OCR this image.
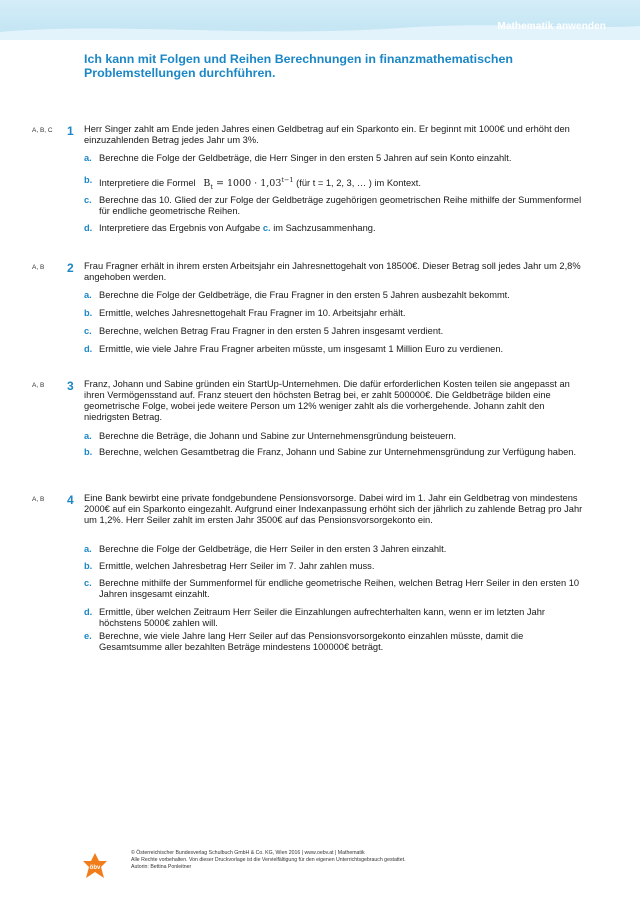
Mathematik anwenden
Ich kann mit Folgen und Reihen Berechnungen in finanzmathematischen Problemstellungen durchführen.
A, B, C	1 Herr Singer zahlt am Ende jeden Jahres einen Geldbetrag auf ein Sparkonto ein. Er beginnt mit 1000€ und erhöht den einzuzahlenden Betrag jedes Jahr um 3%.
a. Berechne die Folge der Geldbeträge, die Herr Singer in den ersten 5 Jahren auf sein Konto einzahlt.
b. Interpretiere die Formel $B_t = 1000 \cdot 1,03^{t-1}$ (für t = 1, 2, 3, … ) im Kontext.
c. Berechne das 10. Glied der zur Folge der Geldbeträge zugehörigen geometrischen Reihe mithilfe der Summenformel für endliche geometrische Reihen.
d. Interpretiere das Ergebnis von Aufgabe c. im Sachzusammenhang.
A, B	2 Frau Fragner erhält in ihrem ersten Arbeitsjahr ein Jahresnettogehalt von 18500€. Dieser Betrag soll jedes Jahr um 2,8% angehoben werden.
a. Berechne die Folge der Geldbeträge, die Frau Fragner in den ersten 5 Jahren ausbezahlt bekommt.
b. Ermittle, welches Jahresnettogehalt Frau Fragner im 10. Arbeitsjahr erhält.
c. Berechne, welchen Betrag Frau Fragner in den ersten 5 Jahren insgesamt verdient.
d. Ermittle, wie viele Jahre Frau Fragner arbeiten müsste, um insgesamt 1 Million Euro zu verdienen.
A, B	3 Franz, Johann und Sabine gründen ein StartUp-Unternehmen. Die dafür erforderlichen Kosten teilen sie angepasst an ihren Vermögensstand auf. Franz steuert den höchsten Betrag bei, er zahlt 500000€. Die Geldbeträge bilden eine geometrische Folge, wobei jede weitere Person um 12% weniger zahlt als die vorhergehende. Johann zahlt den niedrigsten Betrag.
a. Berechne die Beträge, die Johann und Sabine zur Unternehmensgründung beisteuern.
b. Berechne, welchen Gesamtbetrag die Franz, Johann und Sabine zur Unternehmensgründung zur Verfügung haben.
A, B	4 Eine Bank bewirbt eine private fondgebundene Pensionsvorsorge. Dabei wird im 1. Jahr ein Geldbetrag von mindestens 2000€ auf ein Sparkonto eingezahlt. Aufgrund einer Indexanpassung erhöht sich der jährlich zu zahlende Betrag pro Jahr um 1,2%. Herr Seiler zahlt im ersten Jahr 3500€ auf das Pensionsvorsorgekonto ein.
a. Berechne die Folge der Geldbeträge, die Herr Seiler in den ersten 3 Jahren einzahlt.
b. Ermittle, welchen Jahresbetrag Herr Seiler im 7. Jahr zahlen muss.
c. Berechne mithilfe der Summenformel für endliche geometrische Reihen, welchen Betrag Herr Seiler in den ersten 10 Jahren insgesamt einzahlt.
d. Ermittle, über welchen Zeitraum Herr Seiler die Einzahlungen aufrechterhalten kann, wenn er im letzten Jahr höchstens 5000€ zahlen will.
e. Berechne, wie viele Jahre lang Herr Seiler auf das Pensionsvorsorgekonto einzahlen müsste, damit die Gesamtsumme aller bezahlten Beträge mindestens 100000€ beträgt.
öbv
© Österreichischer Bundesverlag Schulbuch GmbH & Co. KG, Wien 2016 | www.oebv.at | Mathematik
Alle Rechte vorbehalten. Von dieser Druckvorlage ist die Vervielfältigung für den eigenen Unterrichtsgebrauch gestattet.
Autorin: Bettina Ponleitner
